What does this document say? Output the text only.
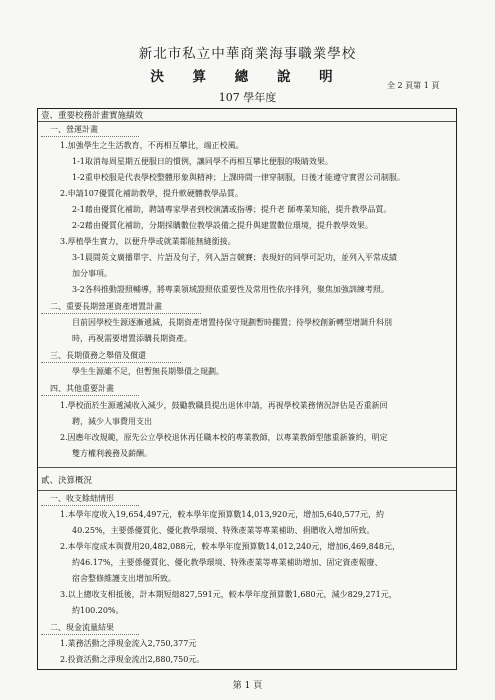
新北市私立中華商業海事職業學校
決 算 總 說 明
全 2 頁第 1 頁
107 學年度
壹、重要校務計畫實施績效
一、營運計畫
1.加強學生之生活教育，不再相互攀比，端正校風。
1-1取消每周星期五便服日的慣例，讓同學不再相互攀比便服的吸睛效果。
1-2重申校服是代表學校整體形象與精神；上課時間一律穿制服，日後才能遵守實習公司制服。
2.申請107優質化補助教學，提升軟硬體教學品質。
2-1藉由優質化補助，聘請專家學者到校演講或指導；提升老 師專業知能，提升教學品質。
2-2藉由優質化補助，分期採購數位教學設備之提升與建置數位環境，提升教學效果。
3.厚植學生實力，以便升學或就業都能無縫銜接。
3-1晨間英文廣播單字、片語及句子，列入語言競賽；表現好的同學可記功，並列入平常成績
加分事項。
3-2各科推動證照輔導，將專業領域證照依重要性及常用性依序排列，聚焦加強訓練考照。
二、重要長期營運資產增置計畫
目前因學校生源逐漸遞減，長期資產增置持保守規劃暫時擱置；待學校創新轉型增調升科別
時，再視需要增置添購長期資產。
三、長期債務之舉借及償還
學生生源雖不足，但暫無長期舉債之規劃。
四、其他重要計畫
1.學校面於生源遞減收入減少，鼓勵教職員提出退休申請，再視學校業務情況評估是否重新回
聘，減少人事費用支出
2.因應年改規範，原先公立學校退休再任職本校的專業教師，以專業教師型態重新簽約，明定
雙方權利義務及薪酬。
貳、決算概況
一、收支餘絀情形
1.本學年度收入19,654,497元，較本學年度預算數14,013,920元，增加5,640,577元，約
40.25%，主要係優質化、優化教學環境、特殊產業等專業補助、捐贈收入增加所致。
2.本學年度成本與費用20,482,088元，較本學年度預算數14,012,240元，增加6,469,848元，
約46.17%，主要係優質化、優化教學環境、特殊產業等專業補助增加、固定資產報廢、
宿舍整修維護支出增加所致。
3.以上總收支相抵後，計本期短絀827,591元，較本學年度預算數1,680元，減少829,271元，
約100.20%。
二、現金流量結果
1.業務活動之淨現金流入2,750,377元
2.投資活動之淨現金流出2,880,750元。
第 1 頁
